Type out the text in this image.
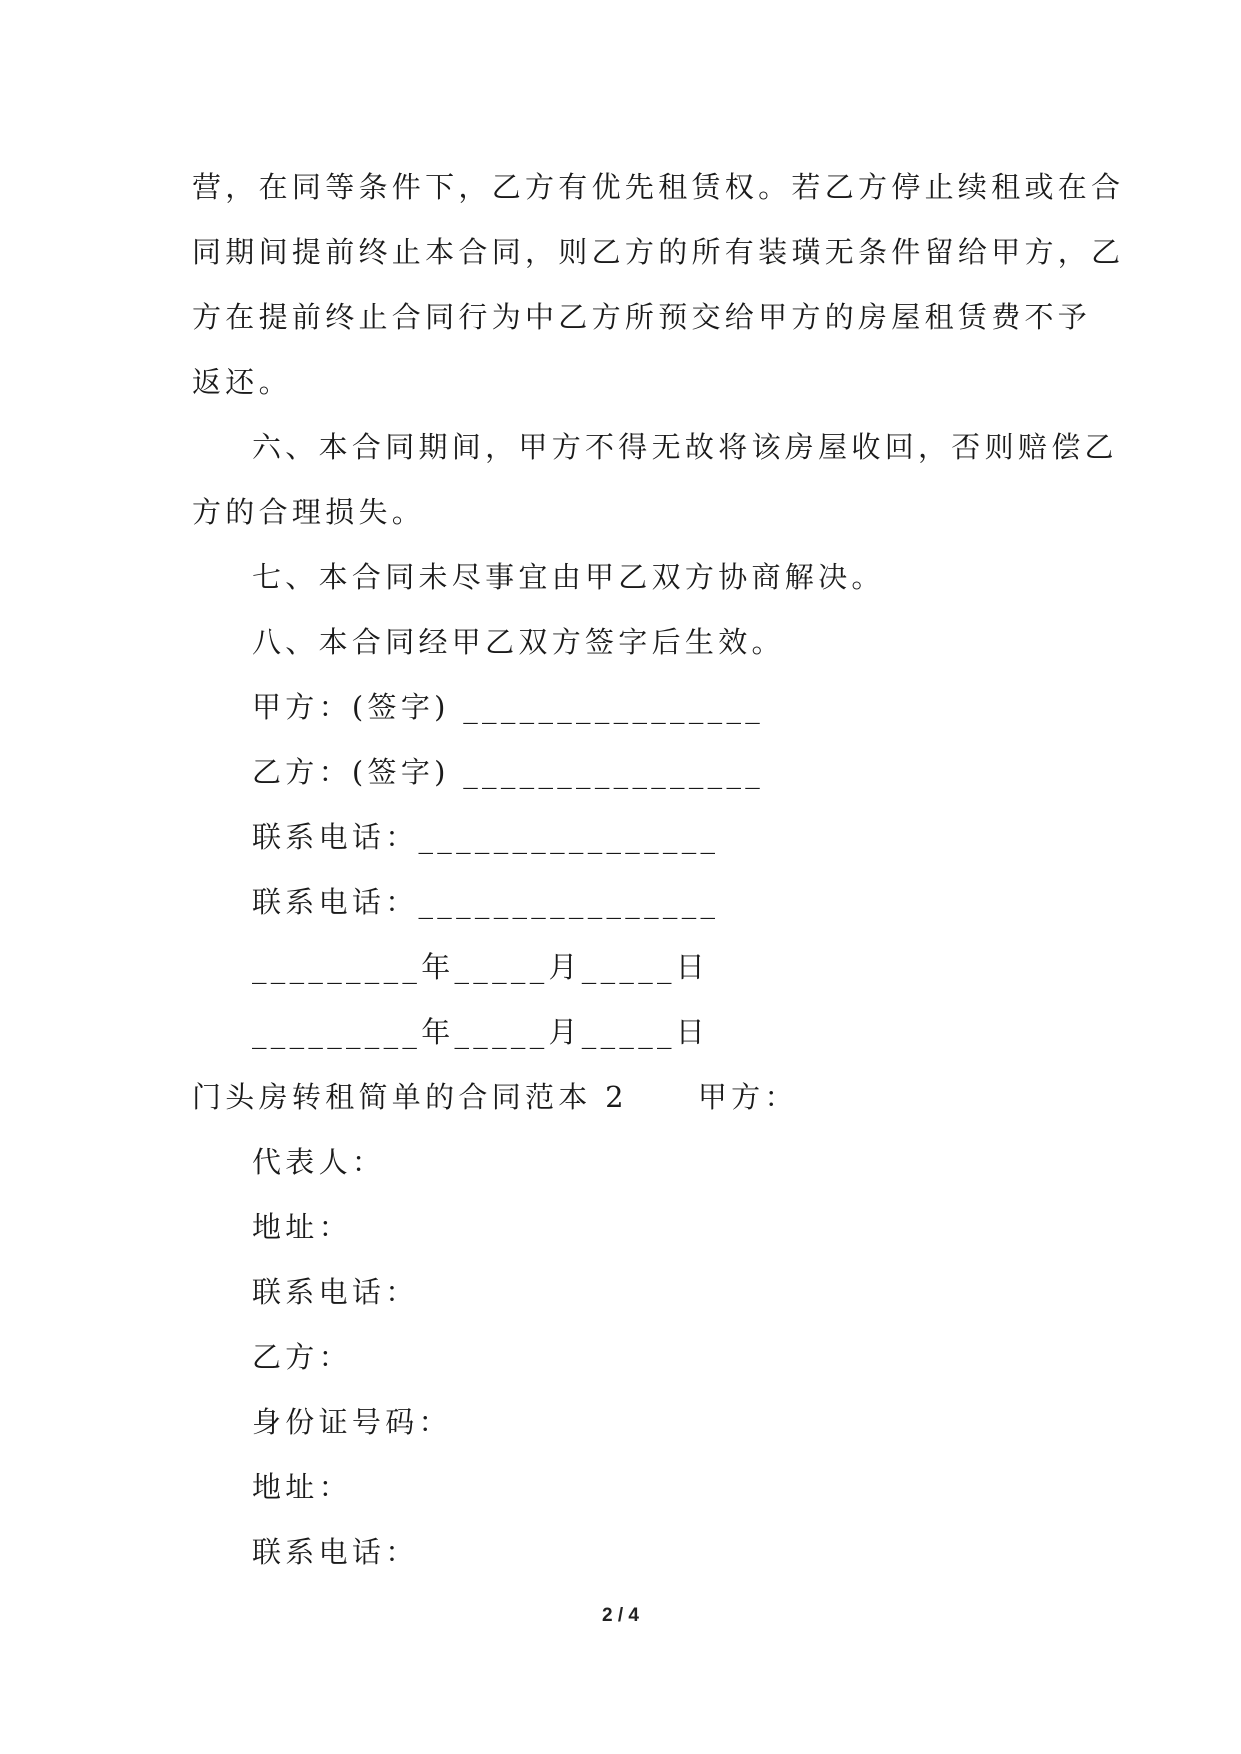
营，在同等条件下，乙方有优先租赁权。若乙方停止续租或在合
同期间提前终止本合同，则乙方的所有装璜无条件留给甲方，乙
方在提前终止合同行为中乙方所预交给甲方的房屋租赁费不予
返还。
六、本合同期间，甲方不得无故将该房屋收回，否则赔偿乙
方的合理损失。
七、本合同未尽事宜由甲乙双方协商解决。
八、本合同经甲乙双方签字后生效。
甲方：(签字) ________________
乙方：(签字) ________________
联系电话：________________
联系电话：________________
_________年_____月_____日
_________年_____月_____日
门头房转租简单的合同范本 2 甲方：
代表人：
地址：
联系电话：
乙方：
身份证号码：
地址：
联系电话：
2 / 4
